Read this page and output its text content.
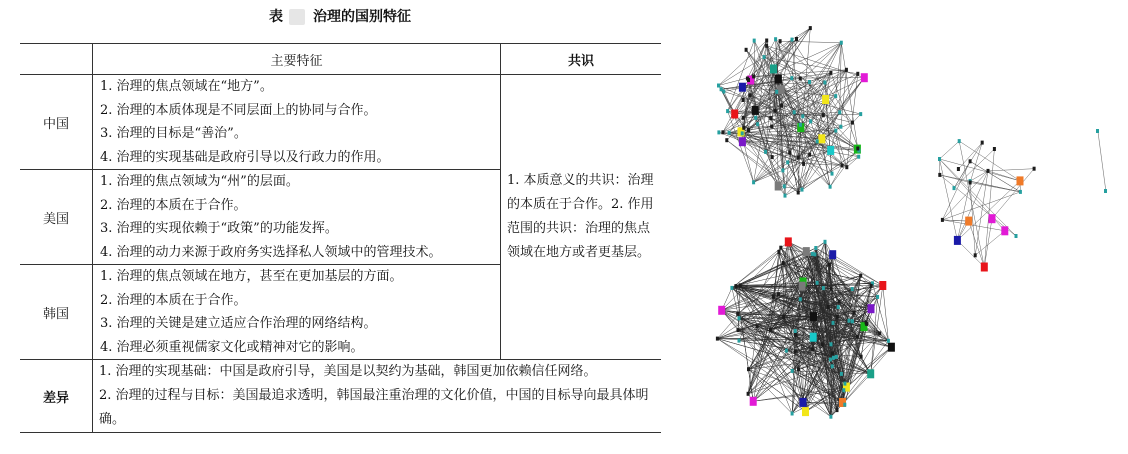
表 治理的国别特征
	主要特征	共识
中国	1. 治理的焦点领域在“地方”。
2. 治理的本质体现是不同层面上的协同与合作。
3. 治理的目标是“善治”。
4. 治理的实现基础是政府引导以及行政力的作用。	1. 本质意义的共识：治理的本质在于合作。2. 作用范围的共识：治理的焦点领域在地方或者更基层。
美国	1. 治理的焦点领域为“州”的层面。
2. 治理的本质在于合作。
3. 治理的实现依赖于“政策”的功能发挥。
4. 治理的动力来源于政府务实选择私人领域中的管理技术。	

韩国	1. 治理的焦点领域在地方，甚至在更加基层的方面。
2. 治理的本质在于合作。
3. 治理的关键是建立适应合作治理的网络结构。
4. 治理必须重视儒家文化或精神对它的影响。	

差异	1. 治理的实现基础：中国是政府引导，美国是以契约为基础，韩国更加依赖信任网络。
2. 治理的过程与目标：美国最追求透明，韩国最注重治理的文化价值，中国的目标导向最具体明确。	
